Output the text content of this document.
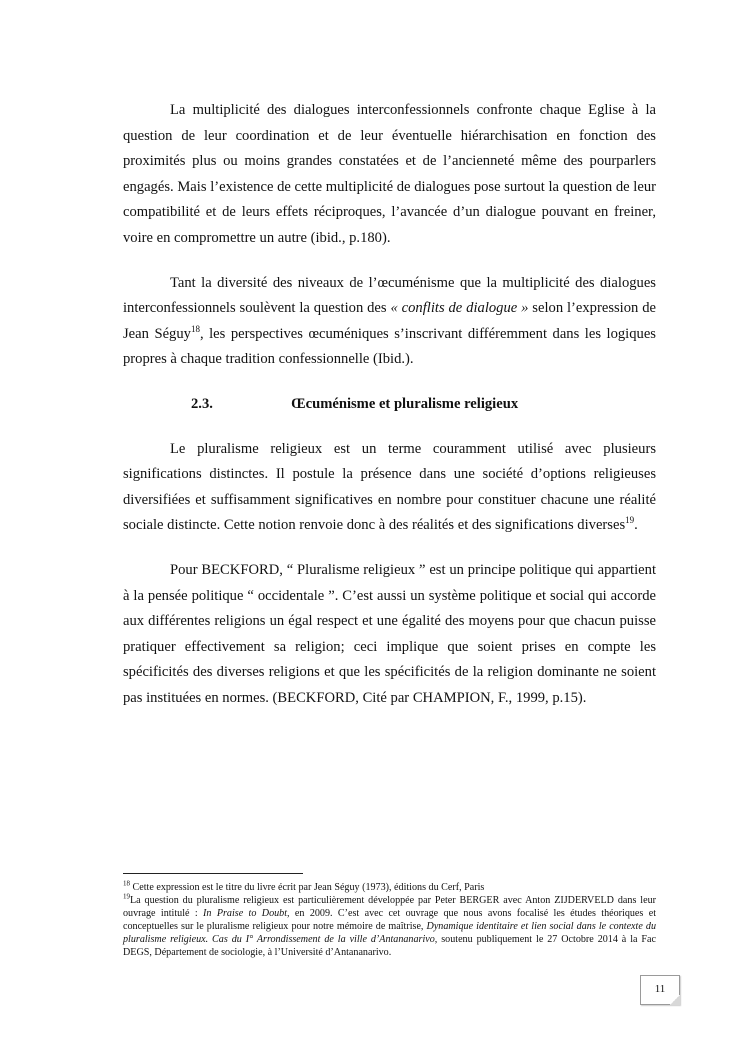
La multiplicité des dialogues interconfessionnels confronte chaque Eglise à la question de leur coordination et de leur éventuelle hiérarchisation en fonction des proximités plus ou moins grandes constatées et de l’ancienneté même des pourparlers engagés. Mais l’existence de cette multiplicité de dialogues pose surtout la question de leur compatibilité et de leurs effets réciproques, l’avancée d’un dialogue pouvant en freiner, voire en compromettre un autre (ibid., p.180).

Tant la diversité des niveaux de l’œcuménisme que la multiplicité des dialogues interconfessionnels soulèvent la question des « conflits de dialogue » selon l’expression de Jean Séguy$^{18}$, les perspectives œcuméniques s’inscrivant différemment dans les logiques propres à chaque tradition confessionnelle (Ibid.).

2.3.	Œcuménisme et pluralisme religieux

Le pluralisme religieux est un terme couramment utilisé avec plusieurs significations distinctes. Il postule la présence dans une société d’options religieuses diversifiées et suffisamment significatives en nombre pour constituer chacune une réalité sociale distincte. Cette notion renvoie donc à des réalités et des significations diverses$^{19}$.

Pour BECKFORD, “ Pluralisme religieux ” est un principe politique qui appartient à la pensée politique “ occidentale ”. C’est aussi un système politique et social qui accorde aux différentes religions un égal respect et une égalité des moyens pour que chacun puisse pratiquer effectivement sa religion; ceci implique que soient prises en compte les spécificités des diverses religions et que les spécificités de la religion dominante ne soient pas instituées en normes. (BECKFORD, Cité par CHAMPION, F., 1999, p.15).

$^{18}$ Cette expression est le titre du livre écrit par Jean Séguy (1973), éditions du Cerf, Paris
$^{19}$La question du pluralisme religieux est particulièrement développée par Peter BERGER avec Anton ZIJDERVELD dans leur ouvrage intitulé : In Praise to Doubt, en 2009. C’est avec cet ouvrage que nous avons focalisé les études théoriques et conceptuelles sur le pluralisme religieux pour notre mémoire de maîtrise, Dynamique identitaire et lien social dans le contexte du pluralisme religieux. Cas du I° Arrondissement de la ville d’Antananarivo, soutenu publiquement le 27 Octobre 2014 à la Fac DEGS, Département de sociologie, à l’Université d’Antananarivo.
11
